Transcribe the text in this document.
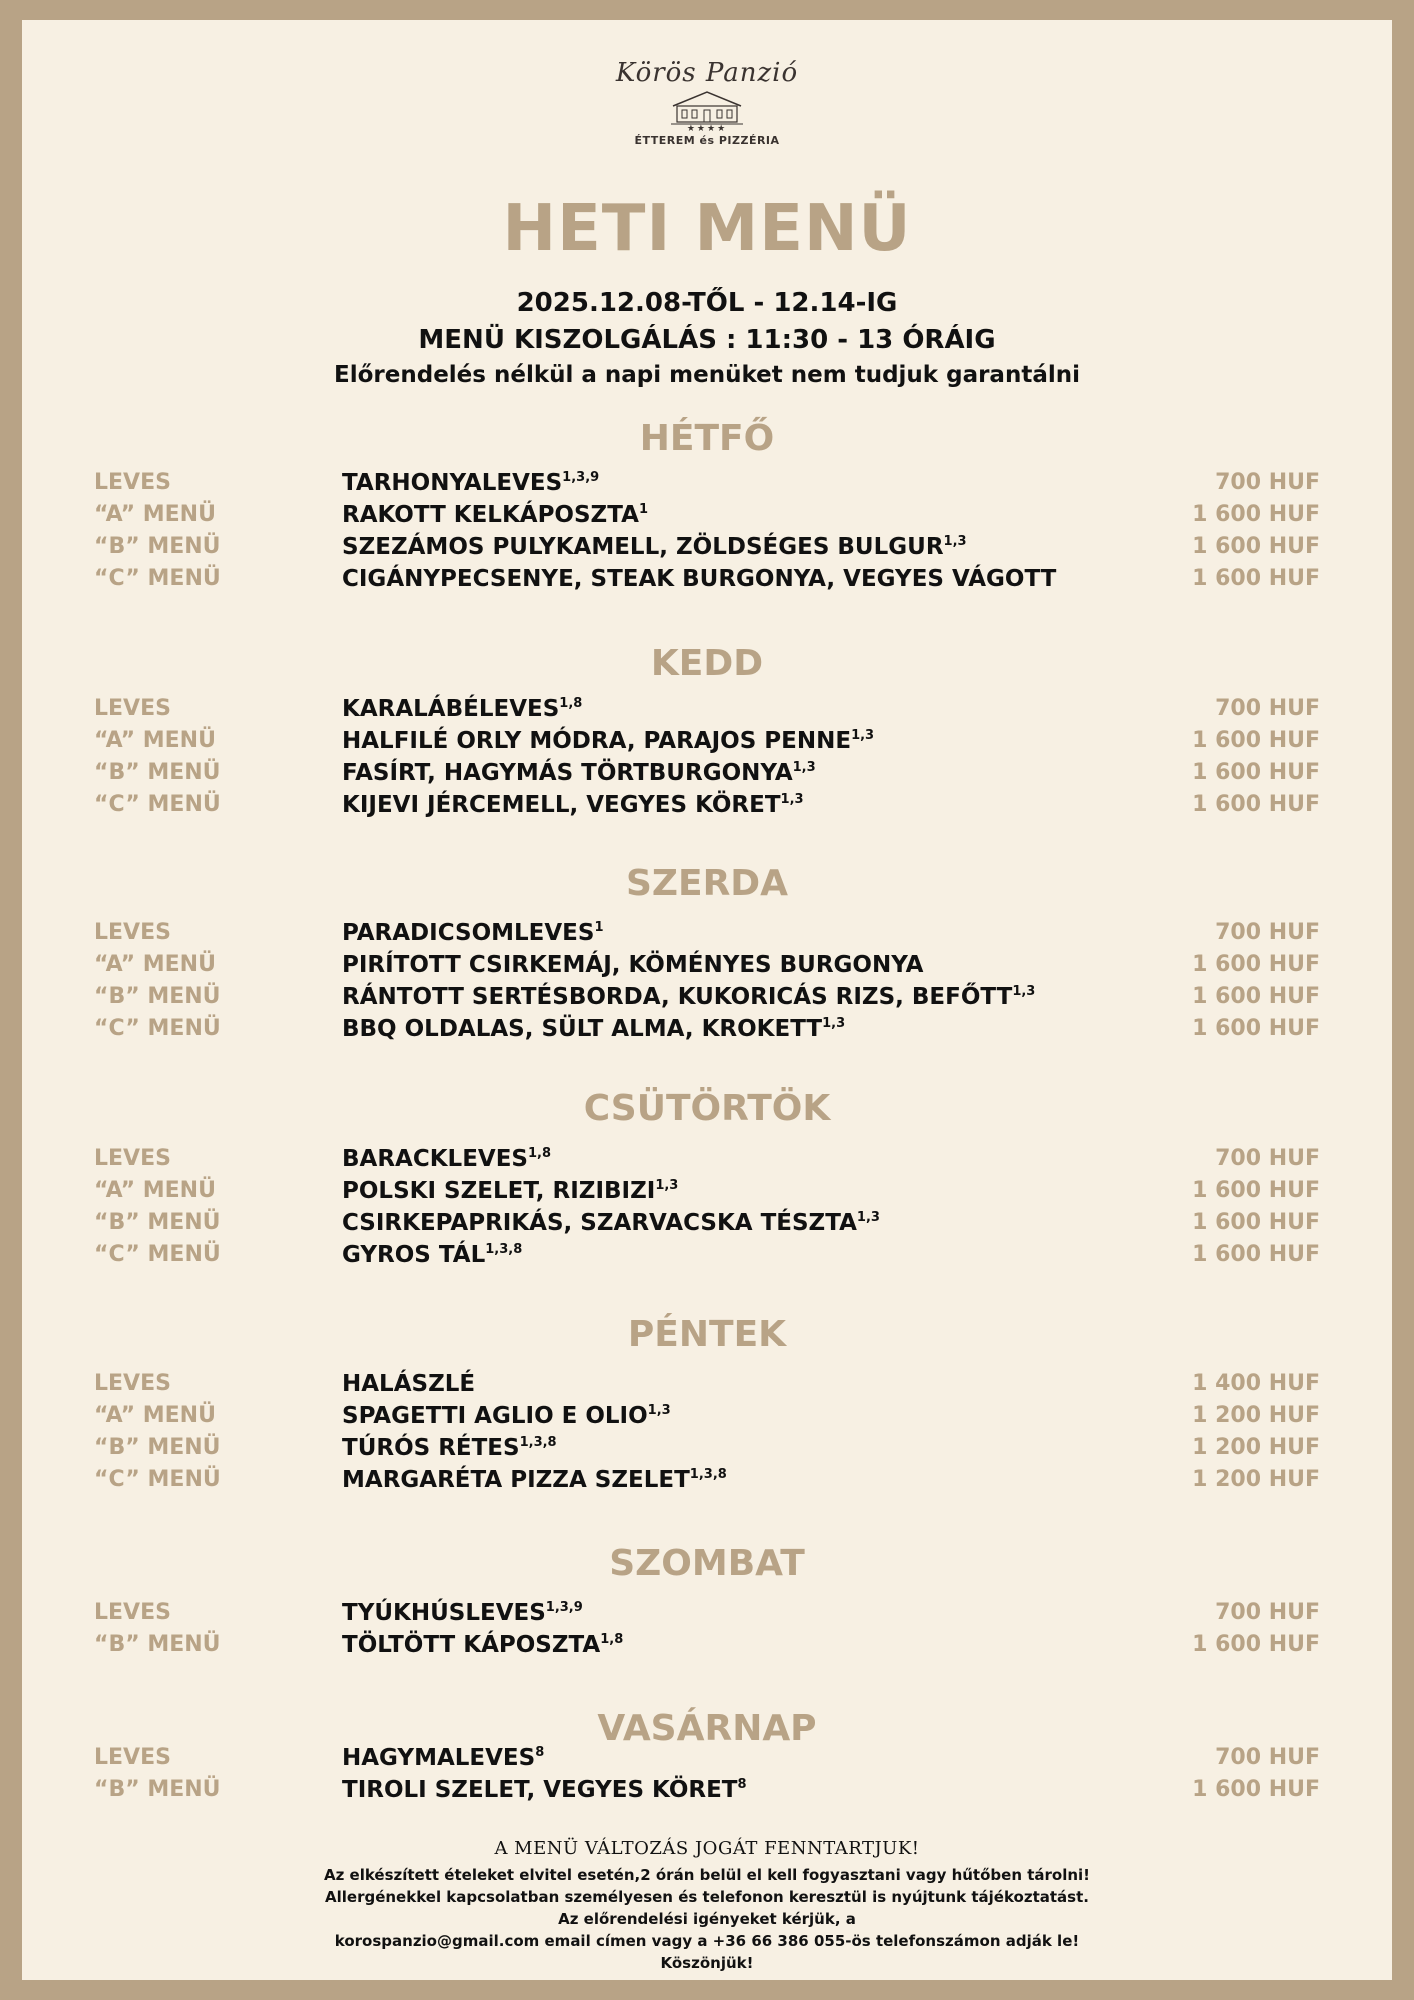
Körös Panzió
★★★★
ÉTTEREM és PIZZÉRIA
HETI MENÜ
2025.12.08-TŐL - 12.14-IG
MENÜ KISZOLGÁLÁS : 11:30 - 13 ÓRÁIG
Előrendelés nélkül a napi menüket nem tudjuk garantálni
HÉTFŐ
LEVES	TARHONYALEVES$^{1,3,9}$	700 HUF
“A” MENÜ	RAKOTT KELKÁPOSZTA$^1$	1 600 HUF
“B” MENÜ	SZEZÁMOS PULYKAMELL, ZÖLDSÉGES BULGUR$^{1,3}$	1 600 HUF
“C” MENÜ	CIGÁNYPECSENYE, STEAK BURGONYA, VEGYES VÁGOTT	1 600 HUF
KEDD
LEVES	KARALÁBÉLEVES$^{1,8}$	700 HUF
“A” MENÜ	HALFILÉ ORLY MÓDRA, PARAJOS PENNE$^{1,3}$	1 600 HUF
“B” MENÜ	FASÍRT, HAGYMÁS TÖRTBURGONYA$^{1,3}$	1 600 HUF
“C” MENÜ	KIJEVI JÉRCEMELL, VEGYES KÖRET$^{1,3}$	1 600 HUF
SZERDA
LEVES	PARADICSOMLEVES$^1$	700 HUF
“A” MENÜ	PIRÍTOTT CSIRKEMÁJ, KÖMÉNYES BURGONYA	1 600 HUF
“B” MENÜ	RÁNTOTT SERTÉSBORDA, KUKORICÁS RIZS, BEFŐTT$^{1,3}$	1 600 HUF
“C” MENÜ	BBQ OLDALAS, SÜLT ALMA, KROKETT$^{1,3}$	1 600 HUF
CSÜTÖRTÖK
LEVES	BARACKLEVES$^{1,8}$	700 HUF
“A” MENÜ	POLSKI SZELET, RIZIBIZI$^{1,3}$	1 600 HUF
“B” MENÜ	CSIRKEPAPRIKÁS, SZARVACSKA TÉSZTA$^{1,3}$	1 600 HUF
“C” MENÜ	GYROS TÁL$^{1,3,8}$	1 600 HUF
PÉNTEK
LEVES	HALÁSZLÉ	1 400 HUF
“A” MENÜ	SPAGETTI AGLIO E OLIO$^{1,3}$	1 200 HUF
“B” MENÜ	TÚRÓS RÉTES$^{1,3,8}$	1 200 HUF
“C” MENÜ	MARGARÉTA PIZZA SZELET$^{1,3,8}$	1 200 HUF
SZOMBAT
LEVES	TYÚKHÚSLEVES$^{1,3,9}$	700 HUF
“B” MENÜ	TÖLTÖTT KÁPOSZTA$^{1,8}$	1 600 HUF
VASÁRNAP
LEVES	HAGYMALEVES$^8$	700 HUF
“B” MENÜ	TIROLI SZELET, VEGYES KÖRET$^8$	1 600 HUF
A MENÜ VÁLTOZÁS JOGÁT FENNTARTJUK!
Az elkészített ételeket elvitel esetén,2 órán belül el kell fogyasztani vagy hűtőben tárolni!
Allergénekkel kapcsolatban személyesen és telefonon keresztül is nyújtunk tájékoztatást.
Az előrendelési igényeket kérjük, a
korospanzio@gmail.com email címen vagy a +36 66 386 055-ös telefonszámon adják le!
Köszönjük!
